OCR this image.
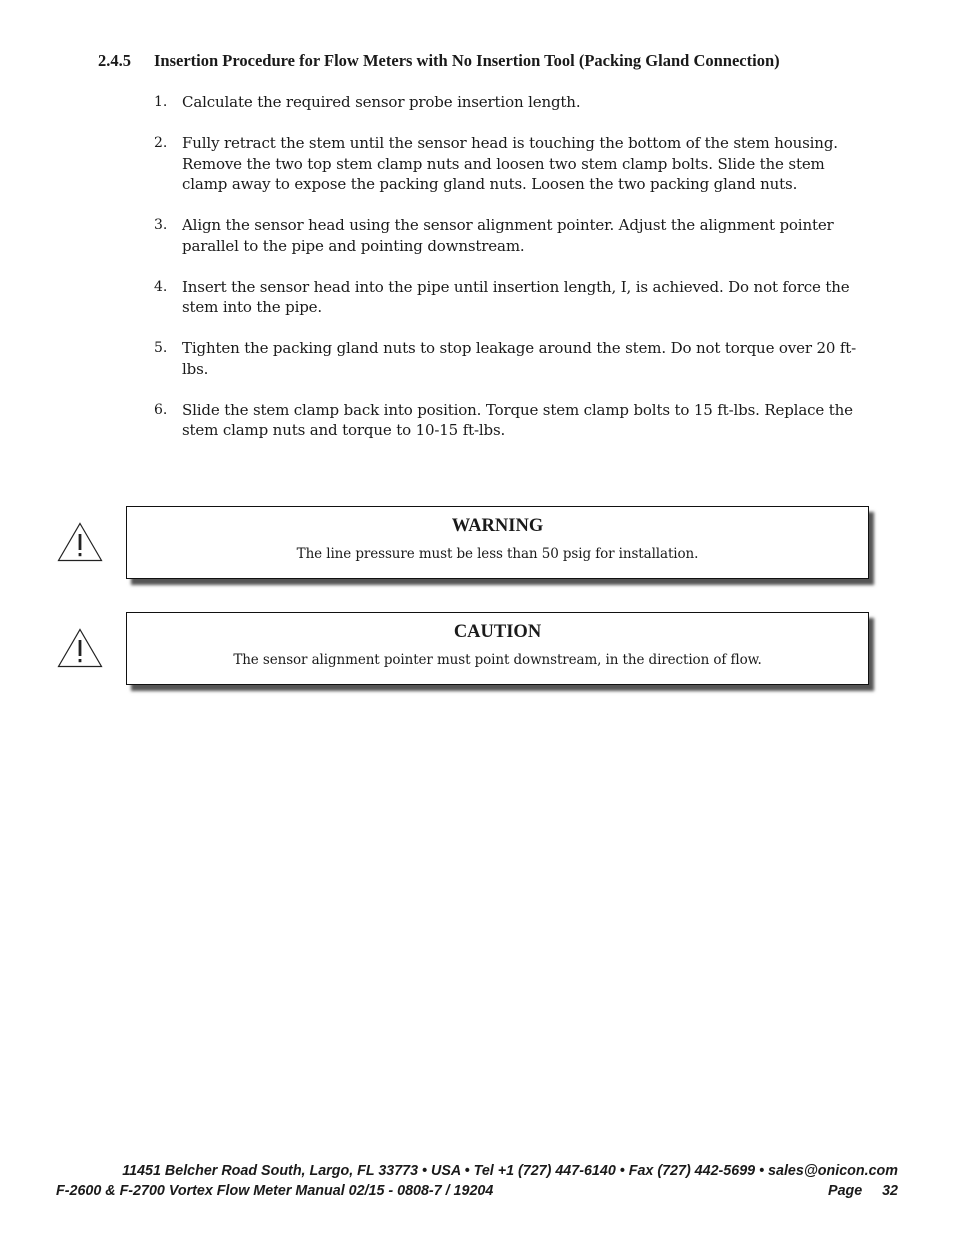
2.4.5 Insertion Procedure for Flow Meters with No Insertion Tool (Packing Gland Connection)
1. Calculate the required sensor probe insertion length.
2. Fully retract the stem until the sensor head is touching the bottom of the stem housing. Remove the two top stem clamp nuts and loosen two stem clamp bolts. Slide the stem clamp away to expose the packing gland nuts. Loosen the two packing gland nuts.
3. Align the sensor head using the sensor alignment pointer. Adjust the alignment pointer parallel to the pipe and pointing downstream.
4. Insert the sensor head into the pipe until insertion length, I, is achieved. Do not force the stem into the pipe.
5. Tighten the packing gland nuts to stop leakage around the stem. Do not torque over 20 ft-lbs.
6. Slide the stem clamp back into position. Torque stem clamp bolts to 15 ft-lbs. Replace the stem clamp nuts and torque to 10-15 ft-lbs.
WARNING
The line pressure must be less than 50 psig for installation.
CAUTION
The sensor alignment pointer must point downstream, in the direction of flow.

11451 Belcher Road South, Largo, FL 33773 • USA • Tel +1 (727) 447-6140 • Fax (727) 442-5699 • sales@onicon.com

F-2600 & F-2700 Vortex Flow Meter Manual 02/15 - 0808-7 / 19204	Page 32
